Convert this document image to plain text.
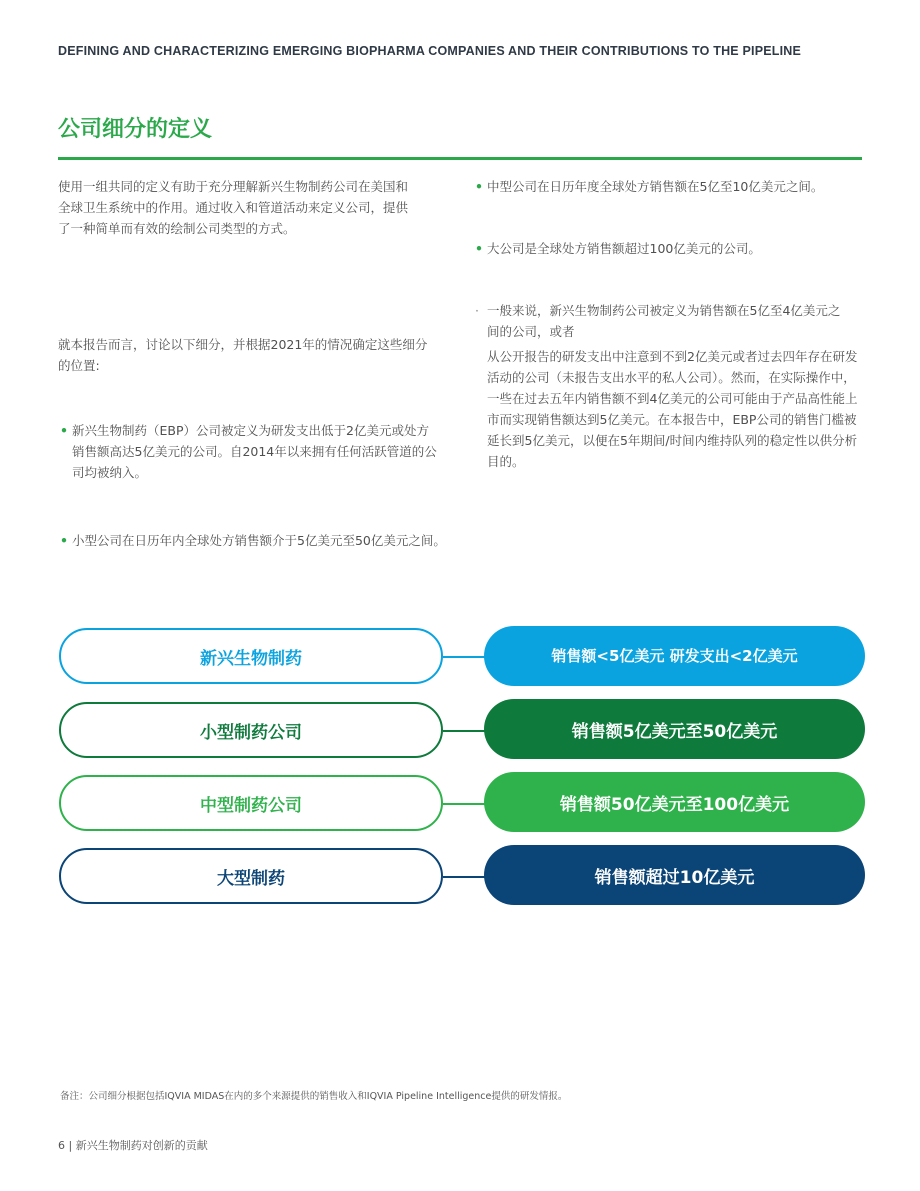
DEFINING AND CHARACTERIZING EMERGING BIOPHARMA COMPANIES AND THEIR CONTRIBUTIONS TO THE PIPELINE
公司细分的定义
使用一组共同的定义有助于充分理解新兴生物制药公司在美国和全球卫生系统中的作用。通过收入和管道活动来定义公司，提供了一种简单而有效的绘制公司类型的方式。
就本报告而言，讨论以下细分，并根据2021年的情况确定这些细分的位置:
• 新兴生物制药（EBP）公司被定义为研发支出低于2亿美元或处方销售额高达5亿美元的公司。自2014年以来拥有任何活跃管道的公司均被纳入。
• 小型公司在日历年内全球处方销售额介于5亿美元至50亿美元之间。
• 中型公司在日历年度全球处方销售额在5亿至10亿美元之间。
• 大公司是全球处方销售额超过100亿美元的公司。
· 一般来说，新兴生物制药公司被定义为销售额在5亿至4亿美元之间的公司，或者
从公开报告的研发支出中注意到不到2亿美元或者过去四年存在研发活动的公司（未报告支出水平的私人公司）。然而，在实际操作中，一些在过去五年内销售额不到4亿美元的公司可能由于产品高性能上市而实现销售额达到5亿美元。在本报告中，EBP公司的销售门槛被延长到5亿美元，以便在5年期间/时间内维持队列的稳定性以供分析目的。
新兴生物制药	销售额<5亿美元 研发支出<2亿美元
小型制药公司	销售额5亿美元至50亿美元
中型制药公司	销售额50亿美元至100亿美元
大型制药	销售额超过10亿美元
备注：公司细分根据包括IQVIA MIDAS在内的多个来源提供的销售收入和IQVIA Pipeline Intelligence提供的研发情报。
6 | 新兴生物制药对创新的贡献
